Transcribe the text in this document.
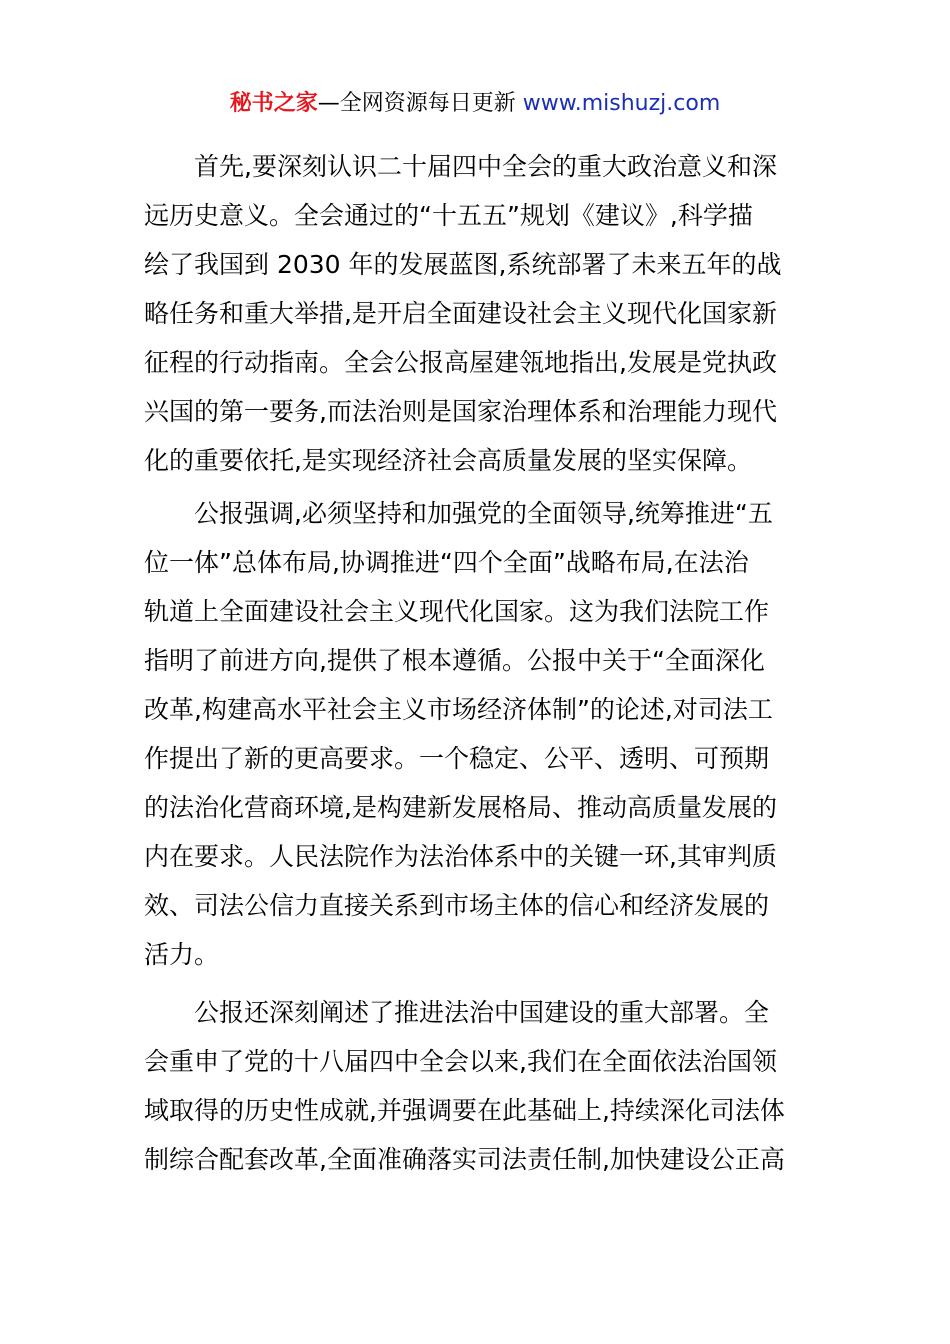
秘书之家—全网资源每日更新 www.mishuzj.com
　　首先,要深刻认识二十届四中全会的重大政治意义和深
远历史意义。全会通过的“十五五”规划《建议》,科学描
绘了我国到 2030 年的发展蓝图,系统部署了未来五年的战
略任务和重大举措,是开启全面建设社会主义现代化国家新
征程的行动指南。全会公报高屋建瓴地指出,发展是党执政
兴国的第一要务,而法治则是国家治理体系和治理能力现代
化的重要依托,是实现经济社会高质量发展的坚实保障。
　　公报强调,必须坚持和加强党的全面领导,统筹推进“五
位一体”总体布局,协调推进“四个全面”战略布局,在法治
轨道上全面建设社会主义现代化国家。这为我们法院工作
指明了前进方向,提供了根本遵循。公报中关于“全面深化
改革,构建高水平社会主义市场经济体制”的论述,对司法工
作提出了新的更高要求。一个稳定、公平、透明、可预期
的法治化营商环境,是构建新发展格局、推动高质量发展的
内在要求。人民法院作为法治体系中的关键一环,其审判质
效、司法公信力直接关系到市场主体的信心和经济发展的
活力。
　　公报还深刻阐述了推进法治中国建设的重大部署。全
会重申了党的十八届四中全会以来,我们在全面依法治国领
域取得的历史性成就,并强调要在此基础上,持续深化司法体
制综合配套改革,全面准确落实司法责任制,加快建设公正高
